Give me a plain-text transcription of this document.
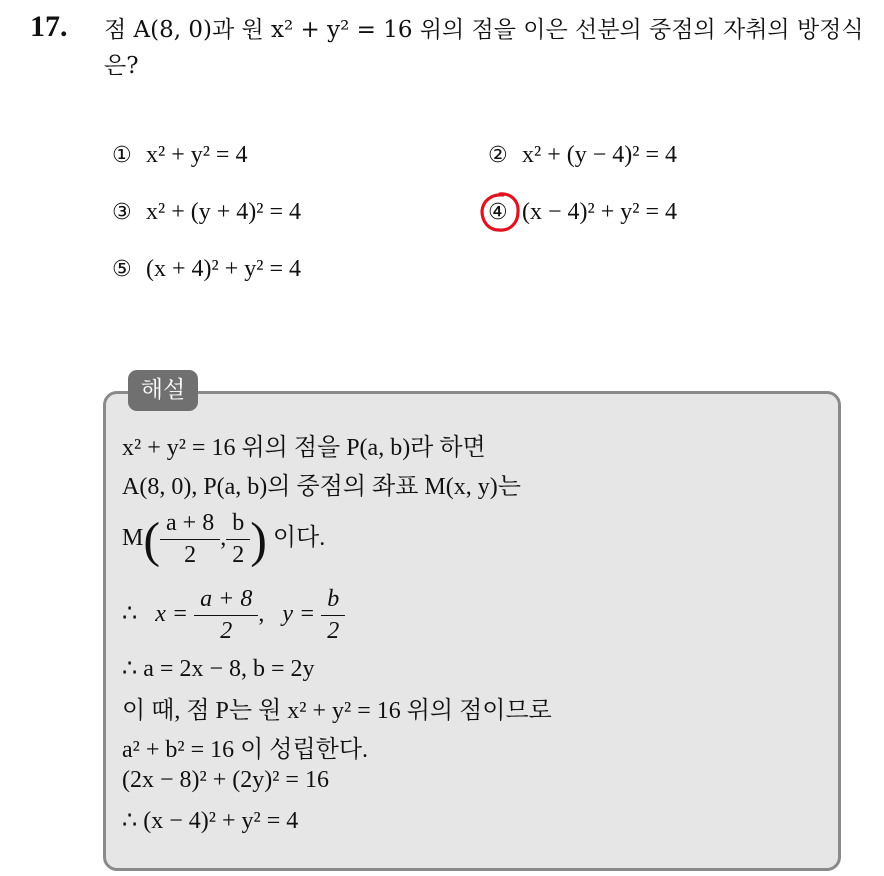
17. 점 A(8, 0)과 원 x² + y² = 16 위의 점을 이은 선분의 중점의 자취의 방정식은?
① x² + y² = 4	② x² + (y − 4)² = 4
③ x² + (y + 4)² = 4	④ (x − 4)² + y² = 4
⑤ (x + 4)² + y² = 4
해설
x² + y² = 16 위의 점을 P(a, b)라 하면
A(8, 0), P(a, b)의 중점의 좌표 M(x, y)는
$M( \frac{a + 8}{2}$ , $\frac{b}{2}$ ) 이다.
∴ $x = \frac{a + 8}{2}$ , $y = \frac{b}{2}$
∴ a = 2x − 8, b = 2y
이 때, 점 P는 원 x² + y² = 16 위의 점이므로
a² + b² = 16 이 성립한다.
(2x − 8)² + (2y)² = 16
∴ (x − 4)² + y² = 4
